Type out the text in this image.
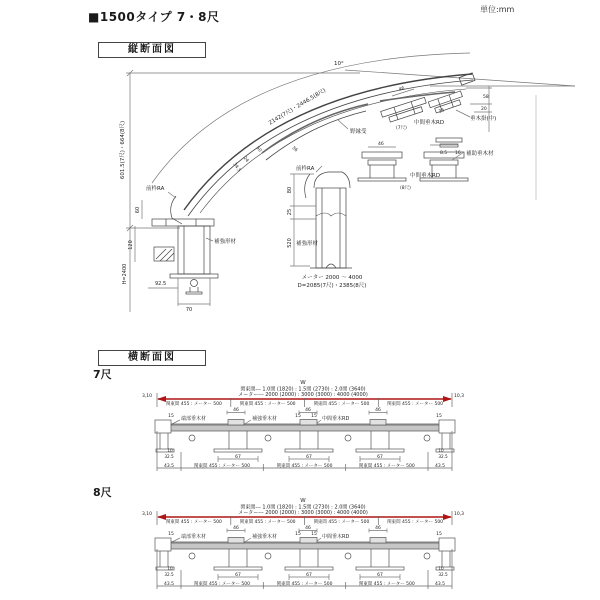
■1500タイプ 7・8尺
単位:mm
縦断面図
横断面図
7尺
8尺
601.5(7尺)・664(8尺)
2142(7尺)・2446.5(8尺)
10°
34.5
24
50	36
35
58
20
垂木掛(中)
8.5 16
46
(7尺)
中間垂木RD
野縁受
46
中間垂木RD
(8尺)
補助垂木材
60
120
H=2400	92.5
70
前枠RA
補強形材
80
25
520
前枠RA
補強形材
メーター 2000 〜 4000
D=2085(7尺)・2385(8尺)
W
関東間--- 1.0間 (1820) : 1.5間 (2730) : 2.0間 (3640)
メーター--- 2000 (2000) : 3000 (3000) : 4000 (4000)
3,10	10,3
関東間 455 : メーター 500	関東間 455 : メーター 500	関東間 455 : メーター 500	関東間 455 : メーター 500
46	46	46
15	15 15	15
端部垂木材	補強垂木材	中間垂木RD
67	67	67
10
32.5
10
32.5
43.5	43.5
関東間 455 : メーター 500	関東間 455 : メーター 500	関東間 455 : メーター 500
